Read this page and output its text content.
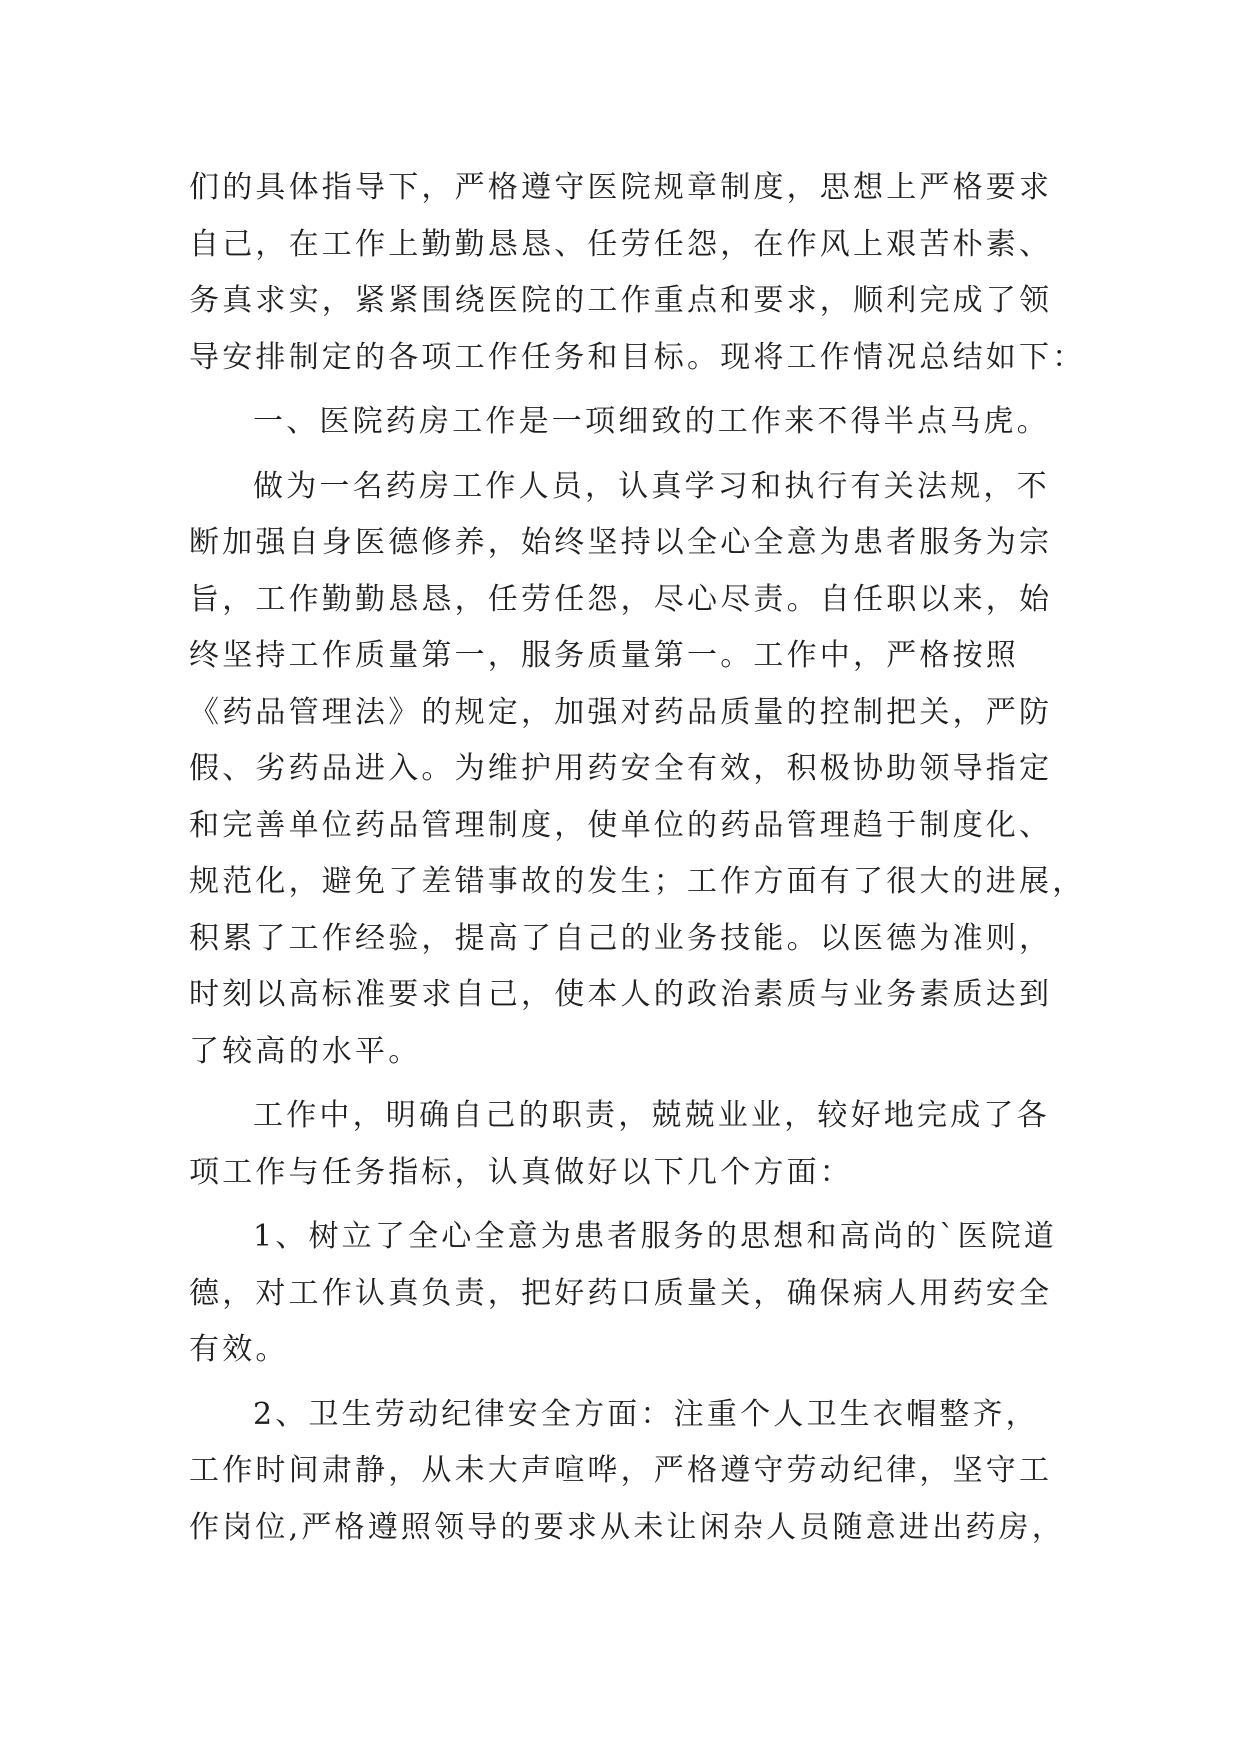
们的具体指导下，严格遵守医院规章制度，思想上严格要求
自己，在工作上勤勤恳恳、任劳任怨，在作风上艰苦朴素、
务真求实，紧紧围绕医院的工作重点和要求，顺利完成了领
导安排制定的各项工作任务和目标。现将工作情况总结如下：
一、医院药房工作是一项细致的工作来不得半点马虎。
做为一名药房工作人员，认真学习和执行有关法规，不
断加强自身医德修养，始终坚持以全心全意为患者服务为宗
旨，工作勤勤恳恳，任劳任怨，尽心尽责。自任职以来，始
终坚持工作质量第一，服务质量第一。工作中，严格按照
《药品管理法》的规定，加强对药品质量的控制把关，严防
假、劣药品进入。为维护用药安全有效，积极协助领导指定
和完善单位药品管理制度，使单位的药品管理趋于制度化、
规范化，避免了差错事故的发生；工作方面有了很大的进展，
积累了工作经验，提高了自己的业务技能。以医德为准则，
时刻以高标准要求自己，使本人的政治素质与业务素质达到
了较高的水平。
工作中，明确自己的职责，兢兢业业，较好地完成了各
项工作与任务指标，认真做好以下几个方面：
1、树立了全心全意为患者服务的思想和高尚的`医院道
德，对工作认真负责，把好药口质量关，确保病人用药安全
有效。
2、卫生劳动纪律安全方面：注重个人卫生衣帽整齐，
工作时间肃静，从未大声喧哗，严格遵守劳动纪律，坚守工
作岗位,严格遵照领导的要求从未让闲杂人员随意进出药房，
